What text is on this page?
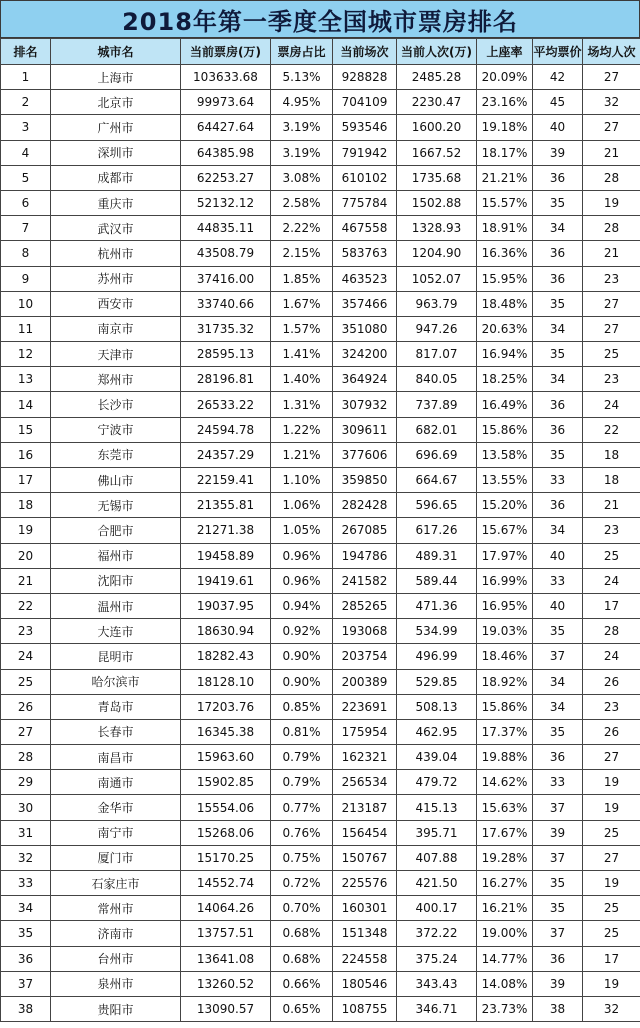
2018年第一季度全国城市票房排名
排名	城市名	当前票房(万)	票房占比	当前场次	当前人次(万)	上座率	平均票价	场均人次
1	上海市	103633.68	5.13%	928828	2485.28	20.09%	42	27
2	北京市	99973.64	4.95%	704109	2230.47	23.16%	45	32
3	广州市	64427.64	3.19%	593546	1600.20	19.18%	40	27
4	深圳市	64385.98	3.19%	791942	1667.52	18.17%	39	21
5	成都市	62253.27	3.08%	610102	1735.68	21.21%	36	28
6	重庆市	52132.12	2.58%	775784	1502.88	15.57%	35	19
7	武汉市	44835.11	2.22%	467558	1328.93	18.91%	34	28
8	杭州市	43508.79	2.15%	583763	1204.90	16.36%	36	21
9	苏州市	37416.00	1.85%	463523	1052.07	15.95%	36	23
10	西安市	33740.66	1.67%	357466	963.79	18.48%	35	27
11	南京市	31735.32	1.57%	351080	947.26	20.63%	34	27
12	天津市	28595.13	1.41%	324200	817.07	16.94%	35	25
13	郑州市	28196.81	1.40%	364924	840.05	18.25%	34	23
14	长沙市	26533.22	1.31%	307932	737.89	16.49%	36	24
15	宁波市	24594.78	1.22%	309611	682.01	15.86%	36	22
16	东莞市	24357.29	1.21%	377606	696.69	13.58%	35	18
17	佛山市	22159.41	1.10%	359850	664.67	13.55%	33	18
18	无锡市	21355.81	1.06%	282428	596.65	15.20%	36	21
19	合肥市	21271.38	1.05%	267085	617.26	15.67%	34	23
20	福州市	19458.89	0.96%	194786	489.31	17.97%	40	25
21	沈阳市	19419.61	0.96%	241582	589.44	16.99%	33	24
22	温州市	19037.95	0.94%	285265	471.36	16.95%	40	17
23	大连市	18630.94	0.92%	193068	534.99	19.03%	35	28
24	昆明市	18282.43	0.90%	203754	496.99	18.46%	37	24
25	哈尔滨市	18128.10	0.90%	200389	529.85	18.92%	34	26
26	青岛市	17203.76	0.85%	223691	508.13	15.86%	34	23
27	长春市	16345.38	0.81%	175954	462.95	17.37%	35	26
28	南昌市	15963.60	0.79%	162321	439.04	19.88%	36	27
29	南通市	15902.85	0.79%	256534	479.72	14.62%	33	19
30	金华市	15554.06	0.77%	213187	415.13	15.63%	37	19
31	南宁市	15268.06	0.76%	156454	395.71	17.67%	39	25
32	厦门市	15170.25	0.75%	150767	407.88	19.28%	37	27
33	石家庄市	14552.74	0.72%	225576	421.50	16.27%	35	19
34	常州市	14064.26	0.70%	160301	400.17	16.21%	35	25
35	济南市	13757.51	0.68%	151348	372.22	19.00%	37	25
36	台州市	13641.08	0.68%	224558	375.24	14.77%	36	17
37	泉州市	13260.52	0.66%	180546	343.43	14.08%	39	19
38	贵阳市	13090.57	0.65%	108755	346.71	23.73%	38	32
